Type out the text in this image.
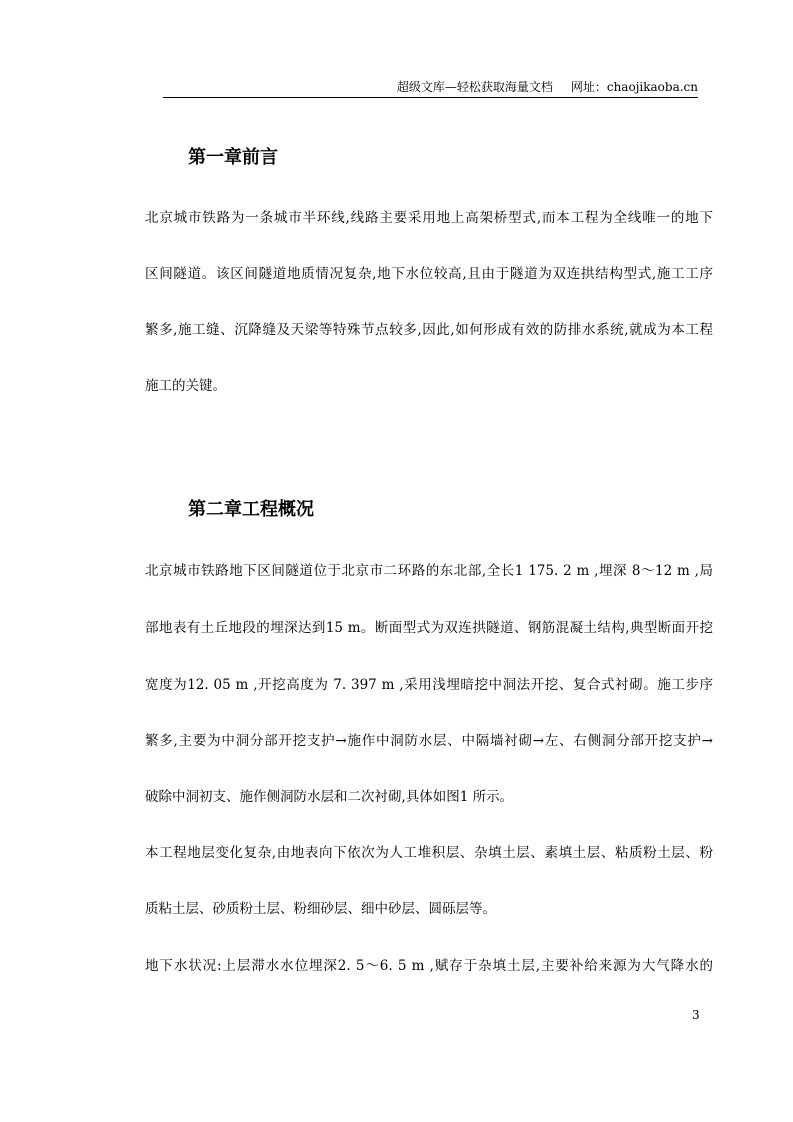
超级文库—轻松获取海量文档 网址：chaojikaoba.cn
第一章前言
北京城市铁路为一条城市半环线,线路主要采用地上高架桥型式,而本工程为全线唯一的地下
区间隧道。该区间隧道地质情况复杂,地下水位较高,且由于隧道为双连拱结构型式,施工工序
繁多,施工缝、沉降缝及天梁等特殊节点较多,因此,如何形成有效的防排水系统,就成为本工程
施工的关键。
第二章工程概况
北京城市铁路地下区间隧道位于北京市二环路的东北部,全长1 175. 2 m ,埋深 8～12 m ,局
部地表有土丘地段的埋深达到15 m。断面型式为双连拱隧道、钢筋混凝土结构,典型断面开挖
宽度为12. 05 m ,开挖高度为 7. 397 m ,采用浅埋暗挖中洞法开挖、复合式衬砌。施工步序
繁多,主要为中洞分部开挖支护→施作中洞防水层、中隔墙衬砌→左、右侧洞分部开挖支护→
破除中洞初支、施作侧洞防水层和二次衬砌,具体如图1 所示。
本工程地层变化复杂,由地表向下依次为人工堆积层、杂填土层、素填土层、粘质粉土层、粉
质粘土层、砂质粉土层、粉细砂层、细中砂层、圆砾层等。
地下水状况:上层滞水水位埋深2. 5～6. 5 m ,赋存于杂填土层,主要补给来源为大气降水的
3
